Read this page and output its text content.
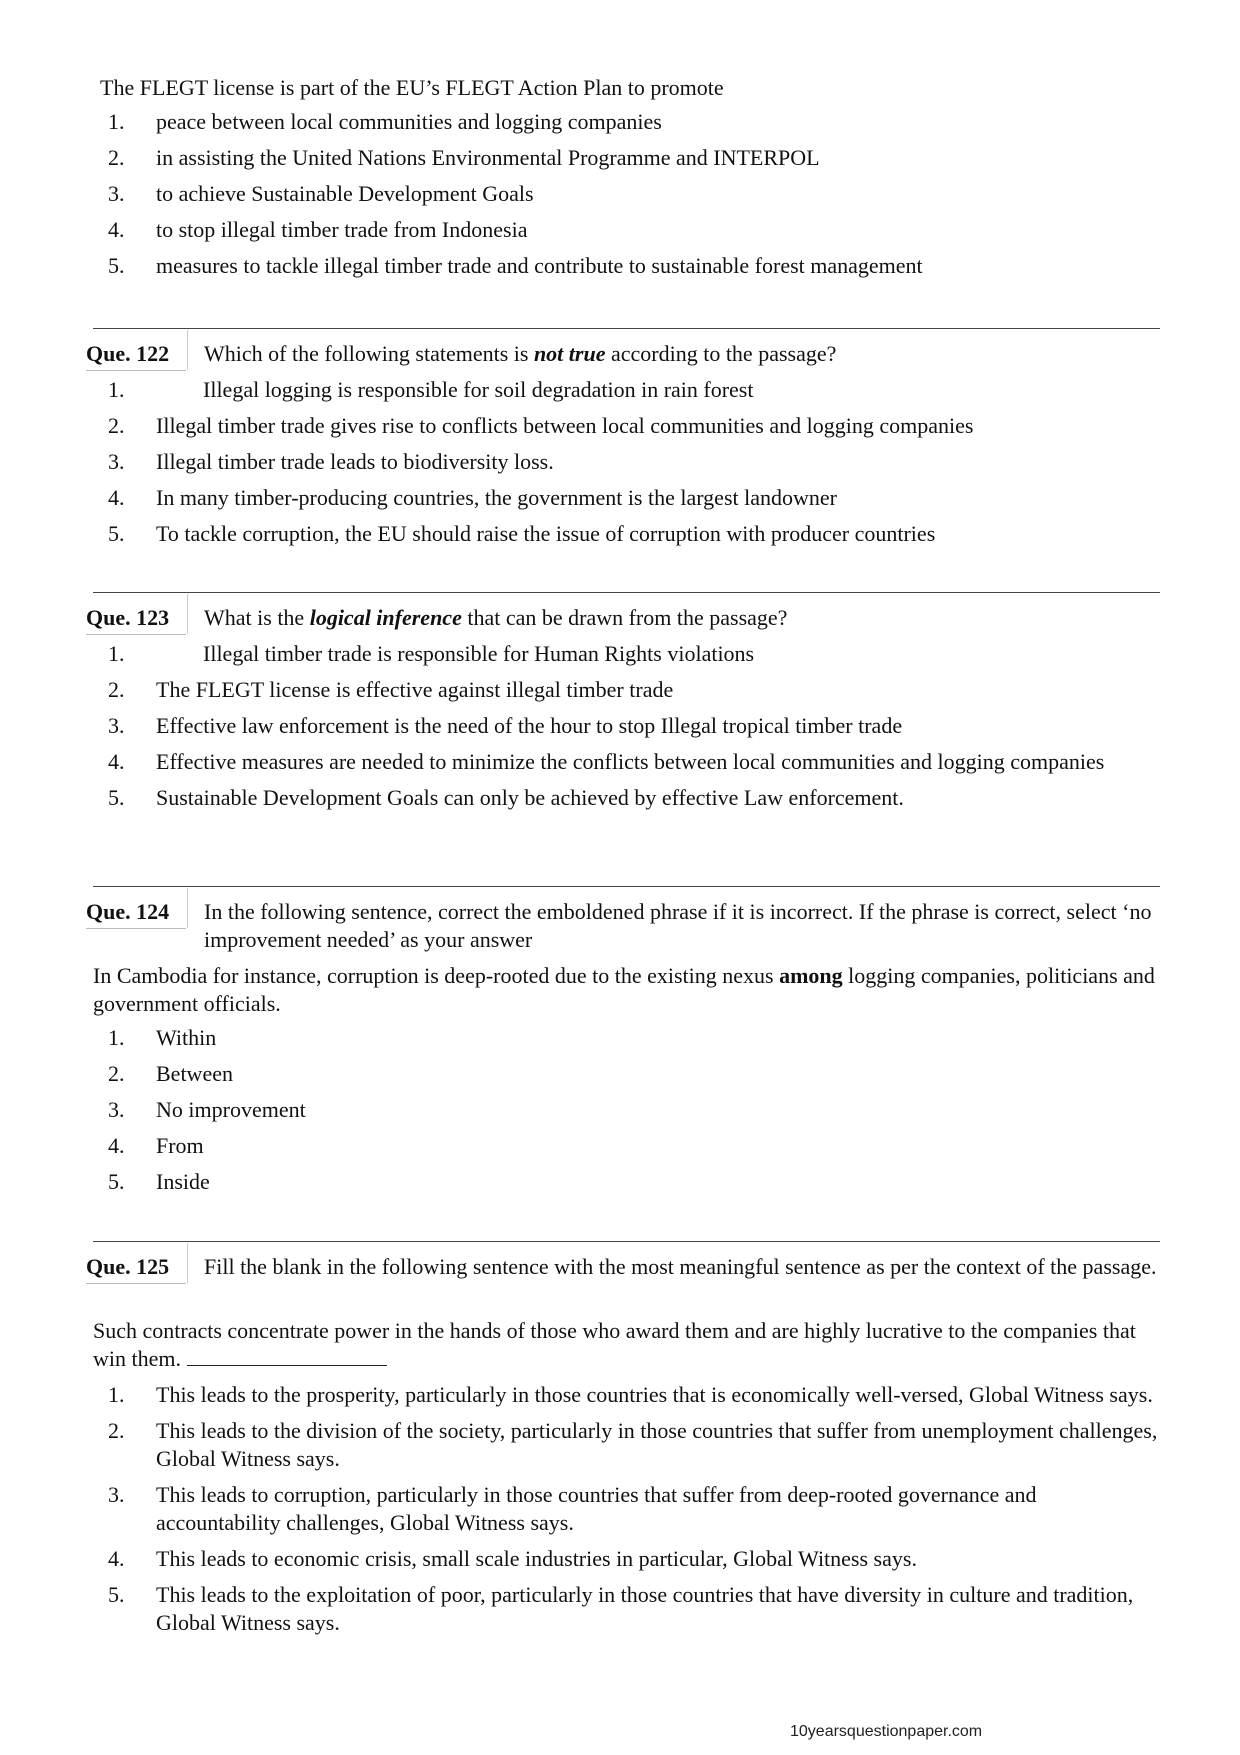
The FLEGT license is part of the EU’s FLEGT Action Plan to promote
1.	peace between local communities and logging companies
2.	in assisting the United Nations Environmental Programme and INTERPOL
3.	to achieve Sustainable Development Goals
4.	to stop illegal timber trade from Indonesia
5.	measures to tackle illegal timber trade and contribute to sustainable forest management
Que. 122 Which of the following statements is not true according to the passage?
1.	Illegal logging is responsible for soil degradation in rain forest
2.	Illegal timber trade gives rise to conflicts between local communities and logging companies
3.	Illegal timber trade leads to biodiversity loss.
4.	In many timber-producing countries, the government is the largest landowner
5.	To tackle corruption, the EU should raise the issue of corruption with producer countries
Que. 123 What is the logical inference that can be drawn from the passage?
1.	Illegal timber trade is responsible for Human Rights violations
2.	The FLEGT license is effective against illegal timber trade
3.	Effective law enforcement is the need of the hour to stop Illegal tropical timber trade
4.	Effective measures are needed to minimize the conflicts between local communities and logging companies
5.	Sustainable Development Goals can only be achieved by effective Law enforcement.
Que. 124 In the following sentence, correct the emboldened phrase if it is incorrect. If the phrase is correct, select ‘no improvement needed’ as your answer
In Cambodia for instance, corruption is deep-rooted due to the existing nexus among logging companies, politicians and government officials.
1.	Within
2.	Between
3.	No improvement
4.	From
5.	Inside
Que. 125 Fill the blank in the following sentence with the most meaningful sentence as per the context of the passage.
Such contracts concentrate power in the hands of those who award them and are highly lucrative to the companies that win them.
1.	This leads to the prosperity, particularly in those countries that is economically well-versed, Global Witness says.
2.	This leads to the division of the society, particularly in those countries that suffer from unemployment challenges, Global Witness says.
3.	This leads to corruption, particularly in those countries that suffer from deep-rooted governance and accountability challenges, Global Witness says.
4.	This leads to economic crisis, small scale industries in particular, Global Witness says.
5.	This leads to the exploitation of poor, particularly in those countries that have diversity in culture and tradition, Global Witness says.
10yearsquestionpaper.com
